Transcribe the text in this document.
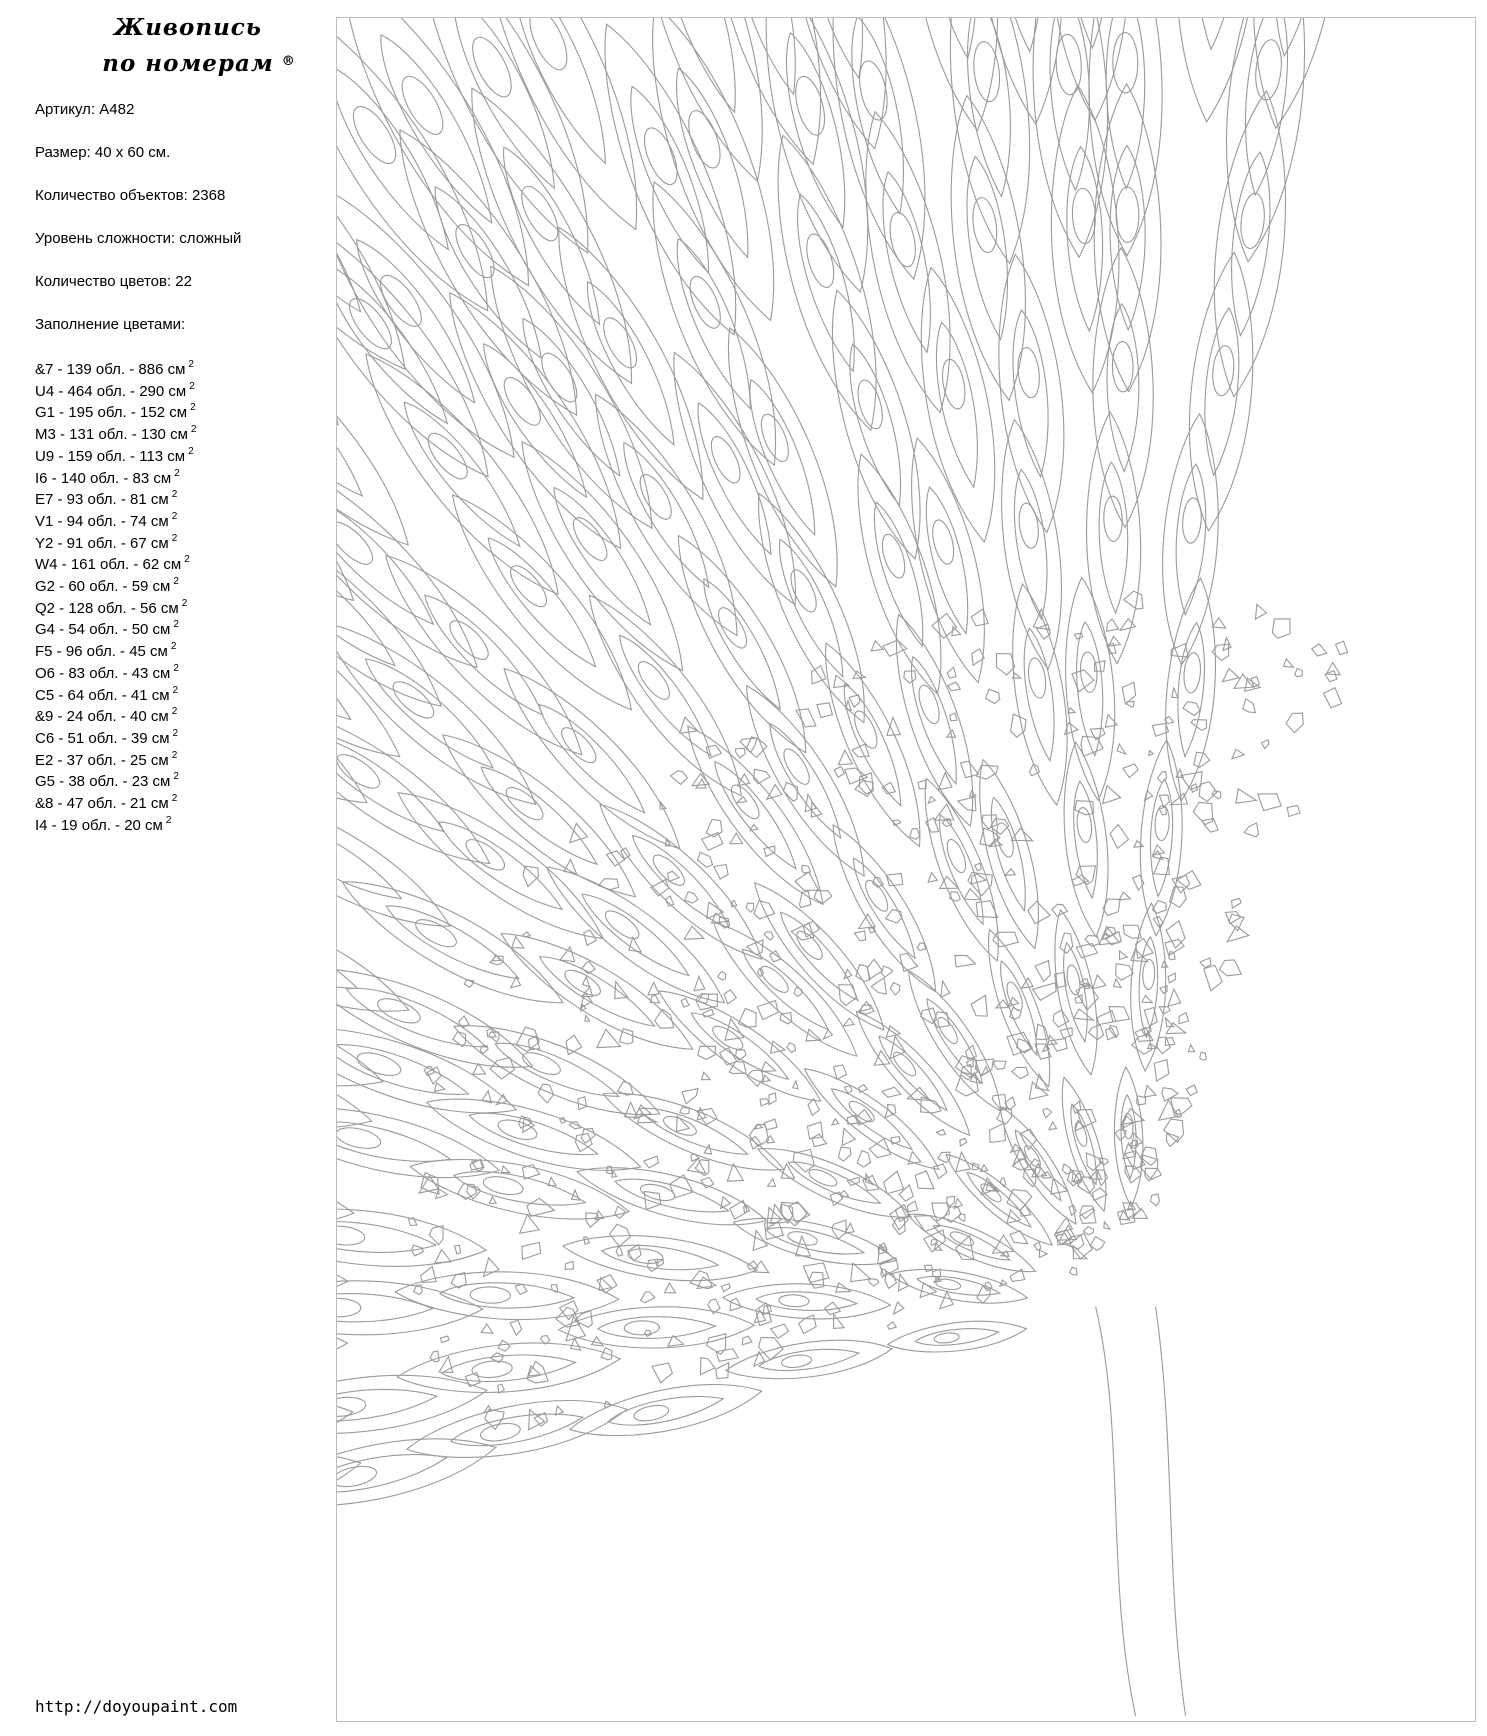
Живопись
по номерам ®

Артикул: A482

Размер: 40 х 60 см.

Количество объектов: 2368

Уровень сложности: сложный

Количество цветов: 22

Заполнение цветами:

&7 - 139 обл. - 886 см $^2$
U4 - 464 обл. - 290 см $^2$
G1 - 195 обл. - 152 см $^2$
M3 - 131 обл. - 130 см $^2$
U9 - 159 обл. - 113 см $^2$
I6 - 140 обл. - 83 см $^2$
E7 - 93 обл. - 81 см $^2$
V1 - 94 обл. - 74 см $^2$
Y2 - 91 обл. - 67 см $^2$
W4 - 161 обл. - 62 см $^2$
G2 - 60 обл. - 59 см $^2$
Q2 - 128 обл. - 56 см $^2$
G4 - 54 обл. - 50 см $^2$
F5 - 96 обл. - 45 см $^2$
O6 - 83 обл. - 43 см $^2$
C5 - 64 обл. - 41 см $^2$
&9 - 24 обл. - 40 см $^2$
C6 - 51 обл. - 39 см $^2$
E2 - 37 обл. - 25 см $^2$
G5 - 38 обл. - 23 см $^2$
&8 - 47 обл. - 21 см $^2$
I4 - 19 обл. - 20 см $^2$
http://doyoupaint.com
